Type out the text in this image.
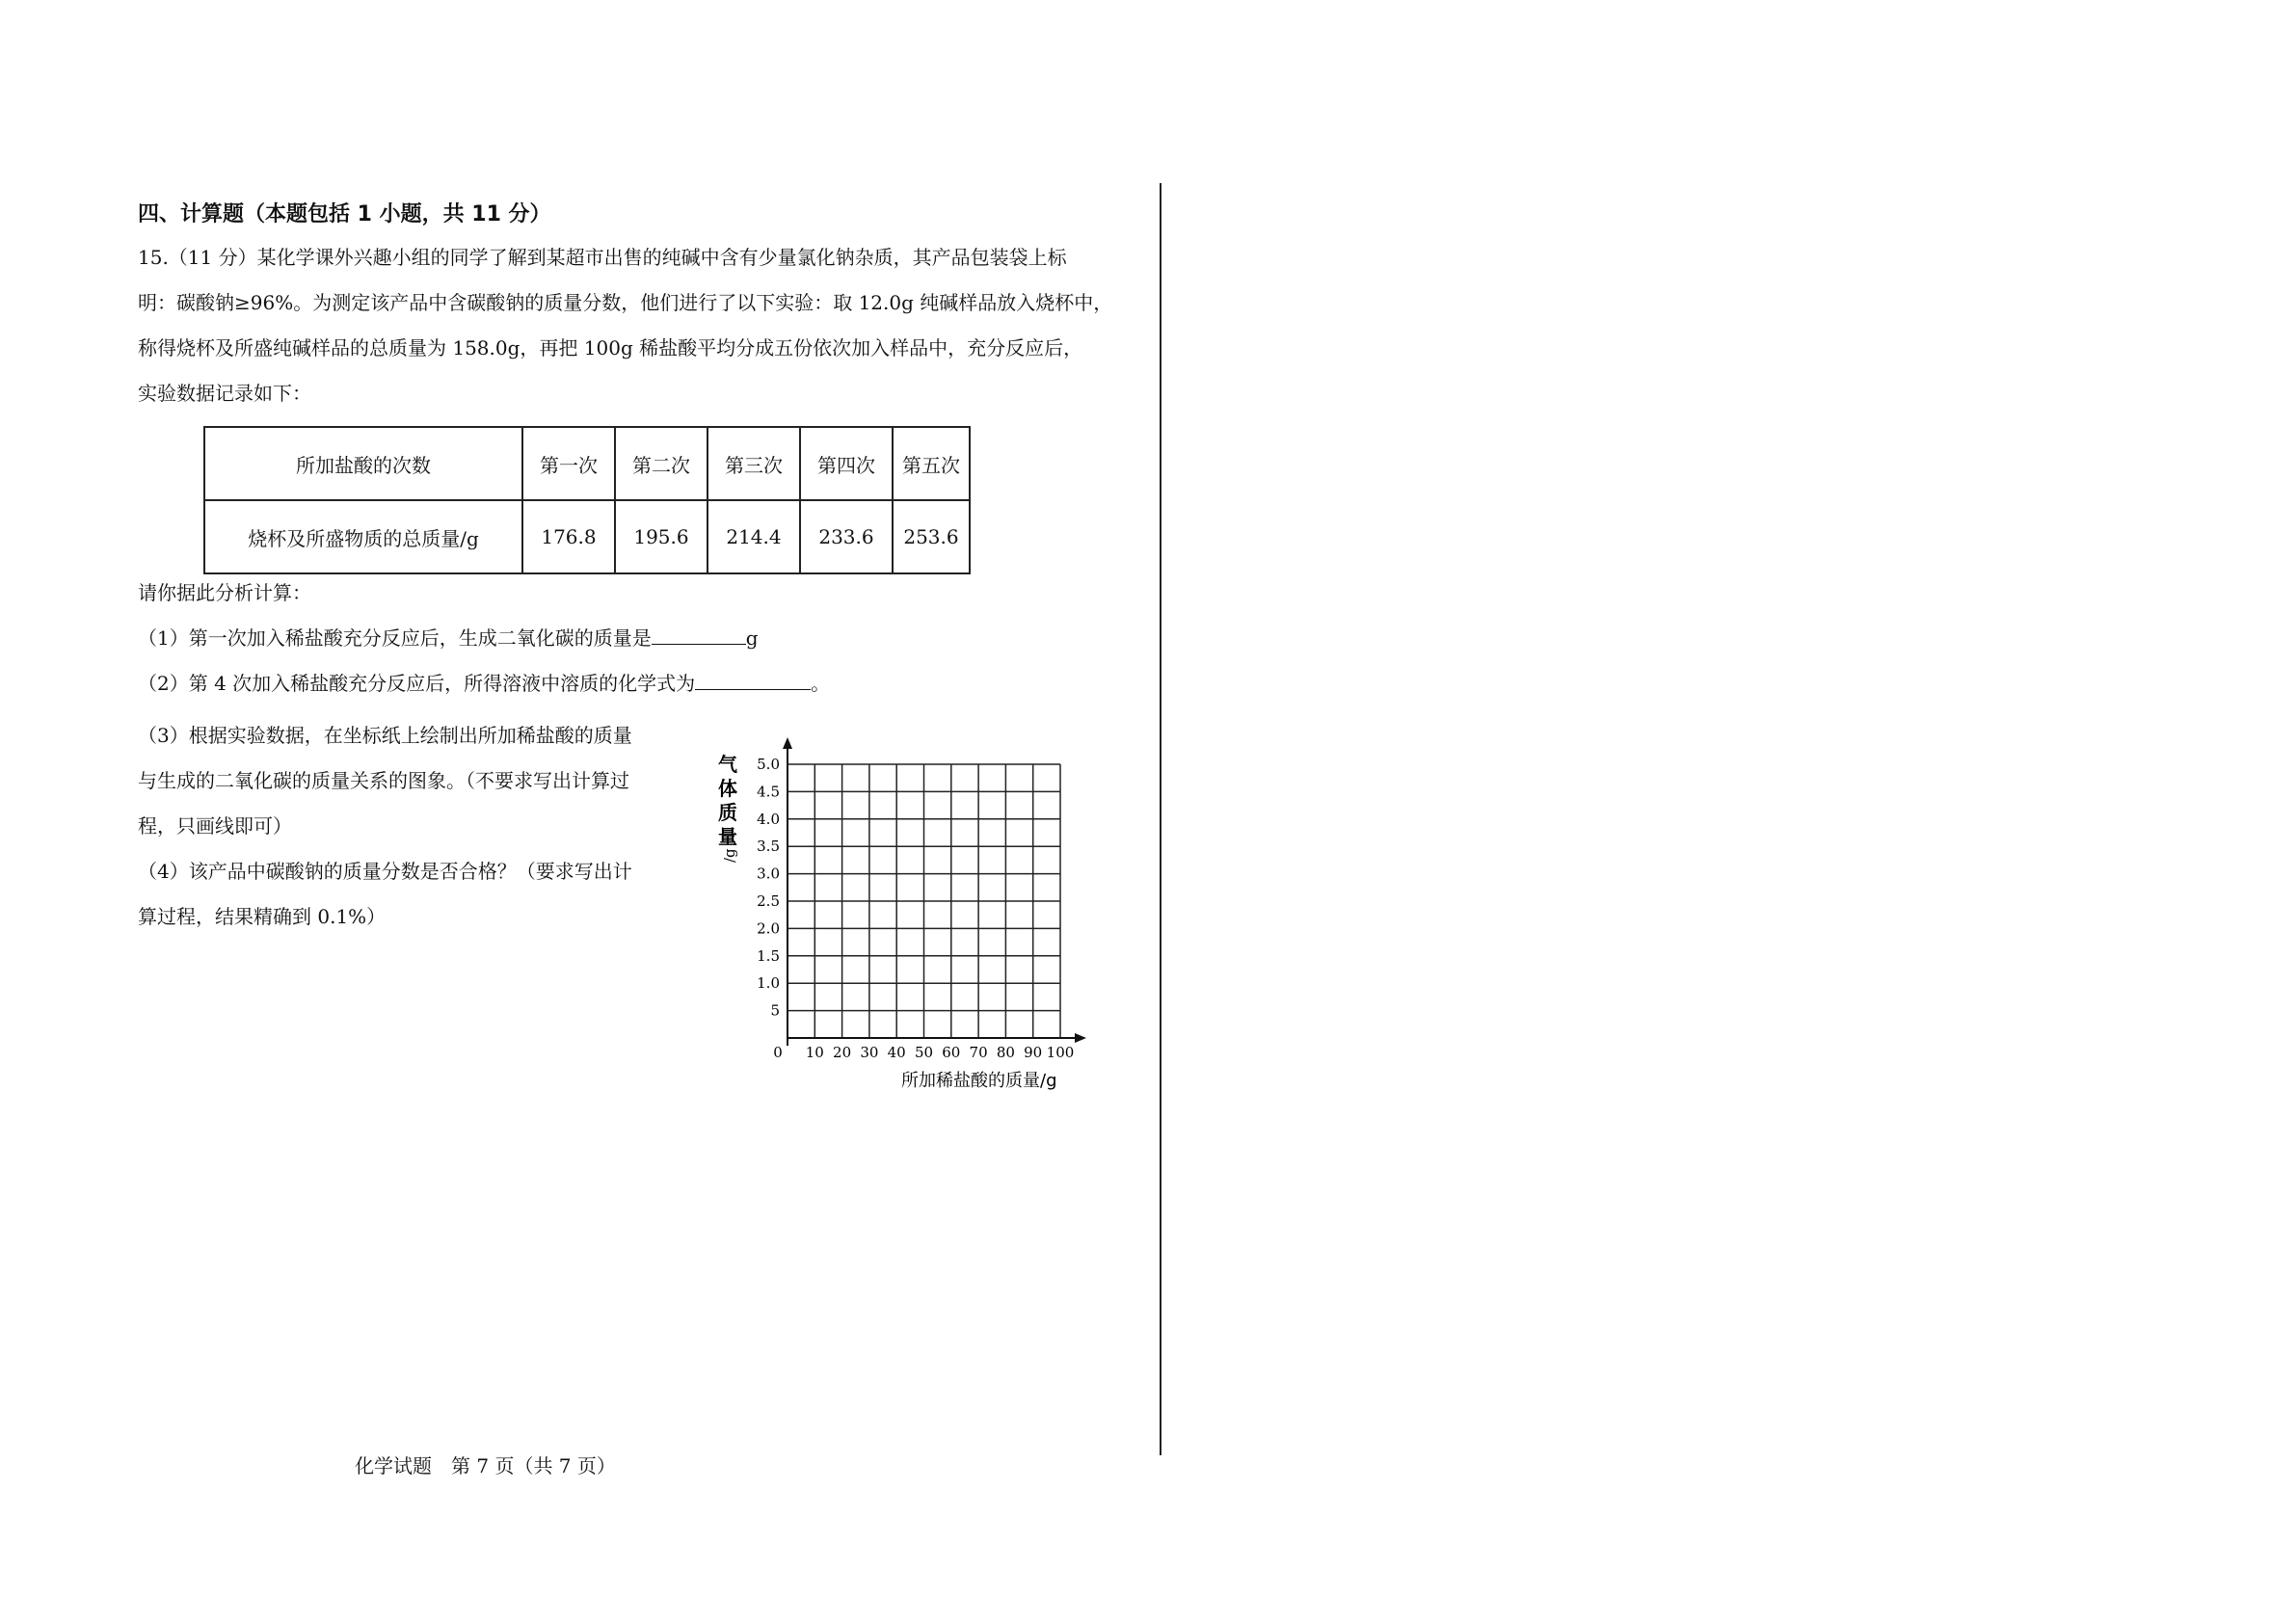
四、计算题（本题包括 1 小题，共 11 分）

15.（11 分）某化学课外兴趣小组的同学了解到某超市出售的纯碱中含有少量氯化钠杂质，其产品包装袋上标

明：碳酸钠≥96%。为测定该产品中含碳酸钠的质量分数，他们进行了以下实验：取 12.0g 纯碱样品放入烧杯中，

称得烧杯及所盛纯碱样品的总质量为 158.0g，再把 100g 稀盐酸平均分成五份依次加入样品中，充分反应后，

实验数据记录如下：

所加盐酸的次数	第一次	第二次	第三次	第四次	第五次
烧杯及所盛物质的总质量/g	176.8	195.6	214.4	233.6	253.6

请你据此分析计算：

（1）第一次加入稀盐酸充分反应后，生成二氧化碳的质量是	g

（2）第 4 次加入稀盐酸充分反应后，所得溶液中溶质的化学式为	。

（3）根据实验数据，在坐标纸上绘制出所加稀盐酸的质量

与生成的二氧化碳的质量关系的图象。（不要求写出计算过

程，只画线即可）

（4）该产品中碳酸钠的质量分数是否合格？（要求写出计

算过程，结果精确到 0.1%）

气
体
质
量
/g
5.0
4.5
4.0
3.5
3.0
2.5
2.0
1.5
1.0
5
10 20 30 40 50 60 70 80 90 100
0
所加稀盐酸的质量/g
化学试题　第 7 页（共 7 页）
